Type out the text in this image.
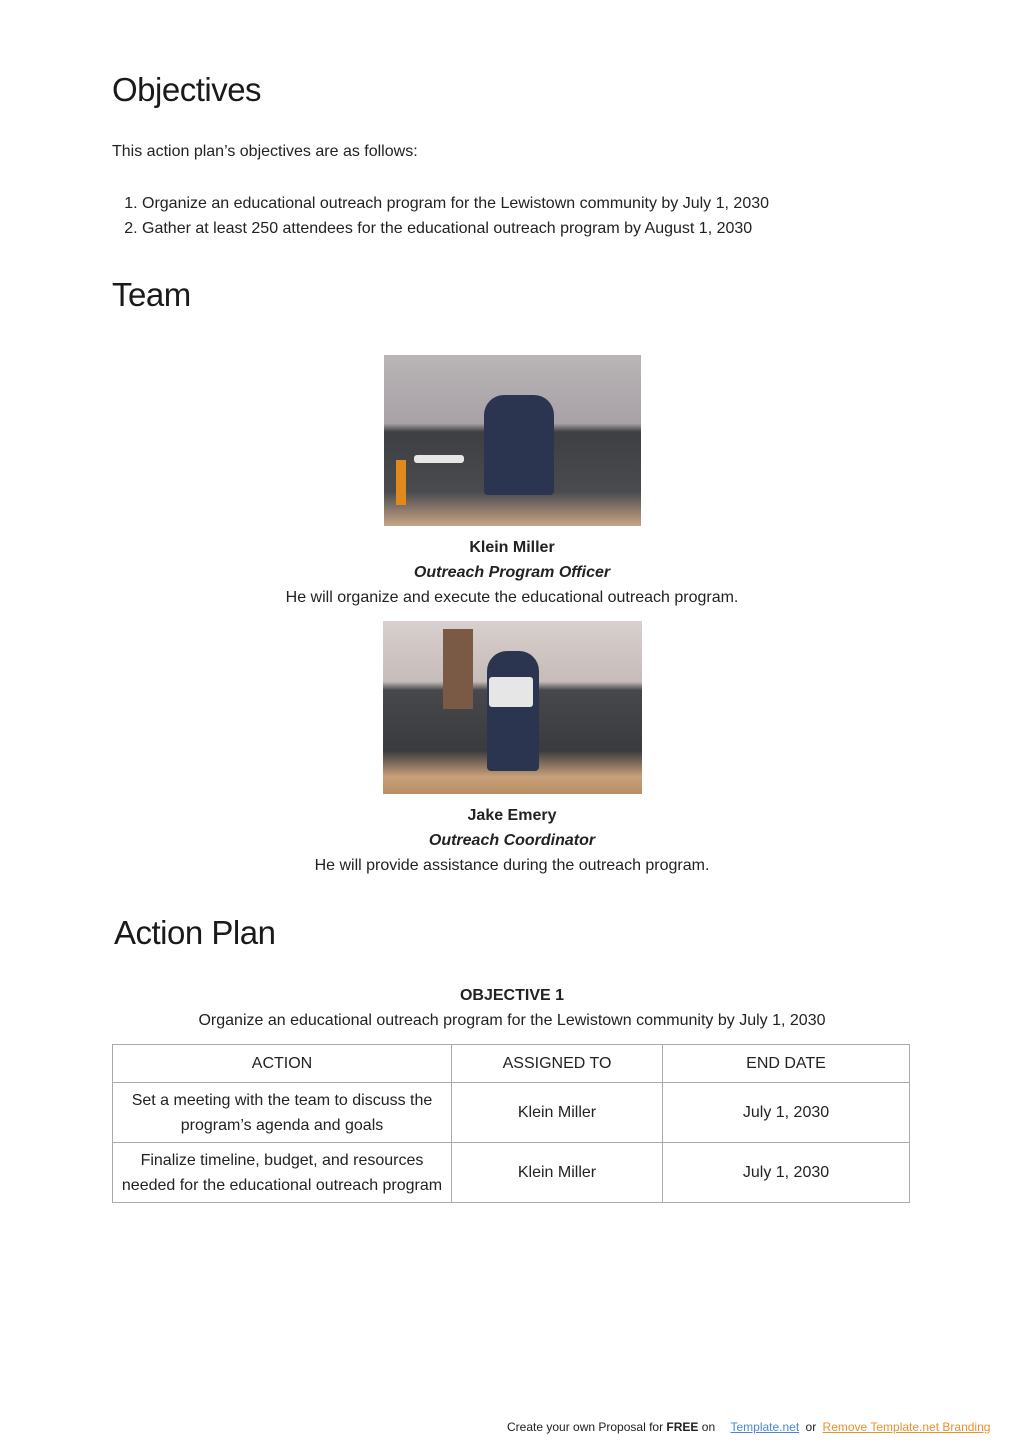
Objectives
This action plan’s objectives are as follows:
1. Organize an educational outreach program for the Lewistown community by July 1, 2030
2. Gather at least 250 attendees for the educational outreach program by August 1, 2030
Team
Klein Miller
Outreach Program Officer
He will organize and execute the educational outreach program.
Jake Emery
Outreach Coordinator
He will provide assistance during the outreach program.
Action Plan
OBJECTIVE 1
Organize an educational outreach program for the Lewistown community by July 1, 2030
ACTION	ASSIGNED TO	END DATE
Set a meeting with the team to discuss the program’s agenda and goals	Klein Miller	July 1, 2030
Finalize timeline, budget, and resources needed for the educational outreach program	Klein Miller	July 1, 2030
Create your own Proposal for FREE on Template.net or Remove Template.net Branding
